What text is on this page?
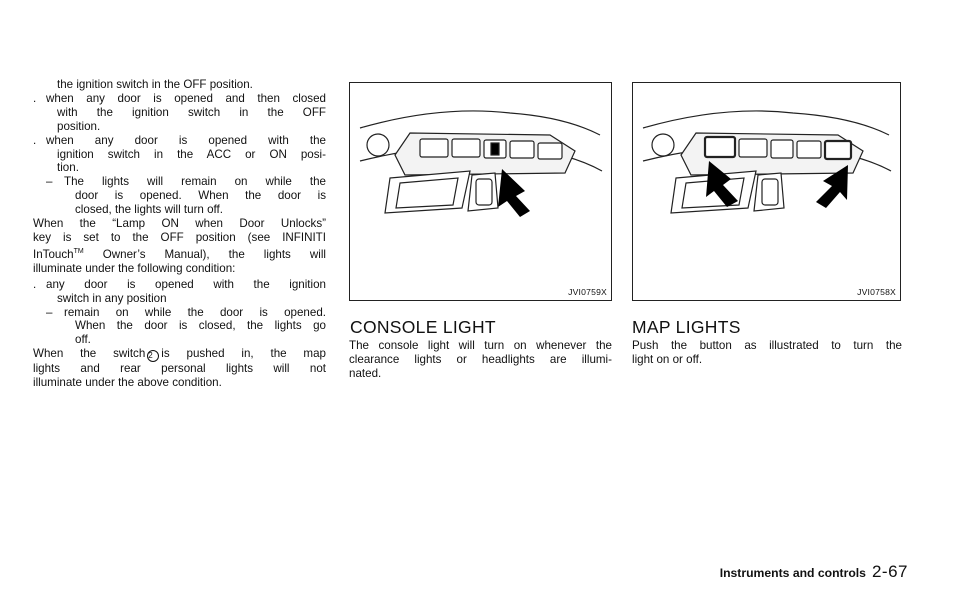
the ignition switch in the OFF position.

. when any door is opened and then closed

with the ignition switch in the OFF

position.

. when any door is opened with the

ignition switch in the ACC or ON posi-

tion.

– The lights will remain on while the

door is opened. When the door is

closed, the lights will turn off.

When the “Lamp ON when Door Unlocks”

key is set to the OFF position (see INFINITI

InTouch™ Owner’s Manual), the lights will

illuminate under the following condition:

. any door is opened with the ignition

switch in any position

– remain on while the door is opened.

When the door is closed, the lights go

off.

When the switch 2 is pushed in, the map

lights and rear personal lights will not

illuminate under the above condition.

JVI0759X	JVI0758X
CONSOLE LIGHT
The console light will turn on whenever the
clearance lights or headlights are illumi-
nated.
MAP LIGHTS
Push the button as illustrated to turn the
light on or off.
Instruments and controls 2-67
